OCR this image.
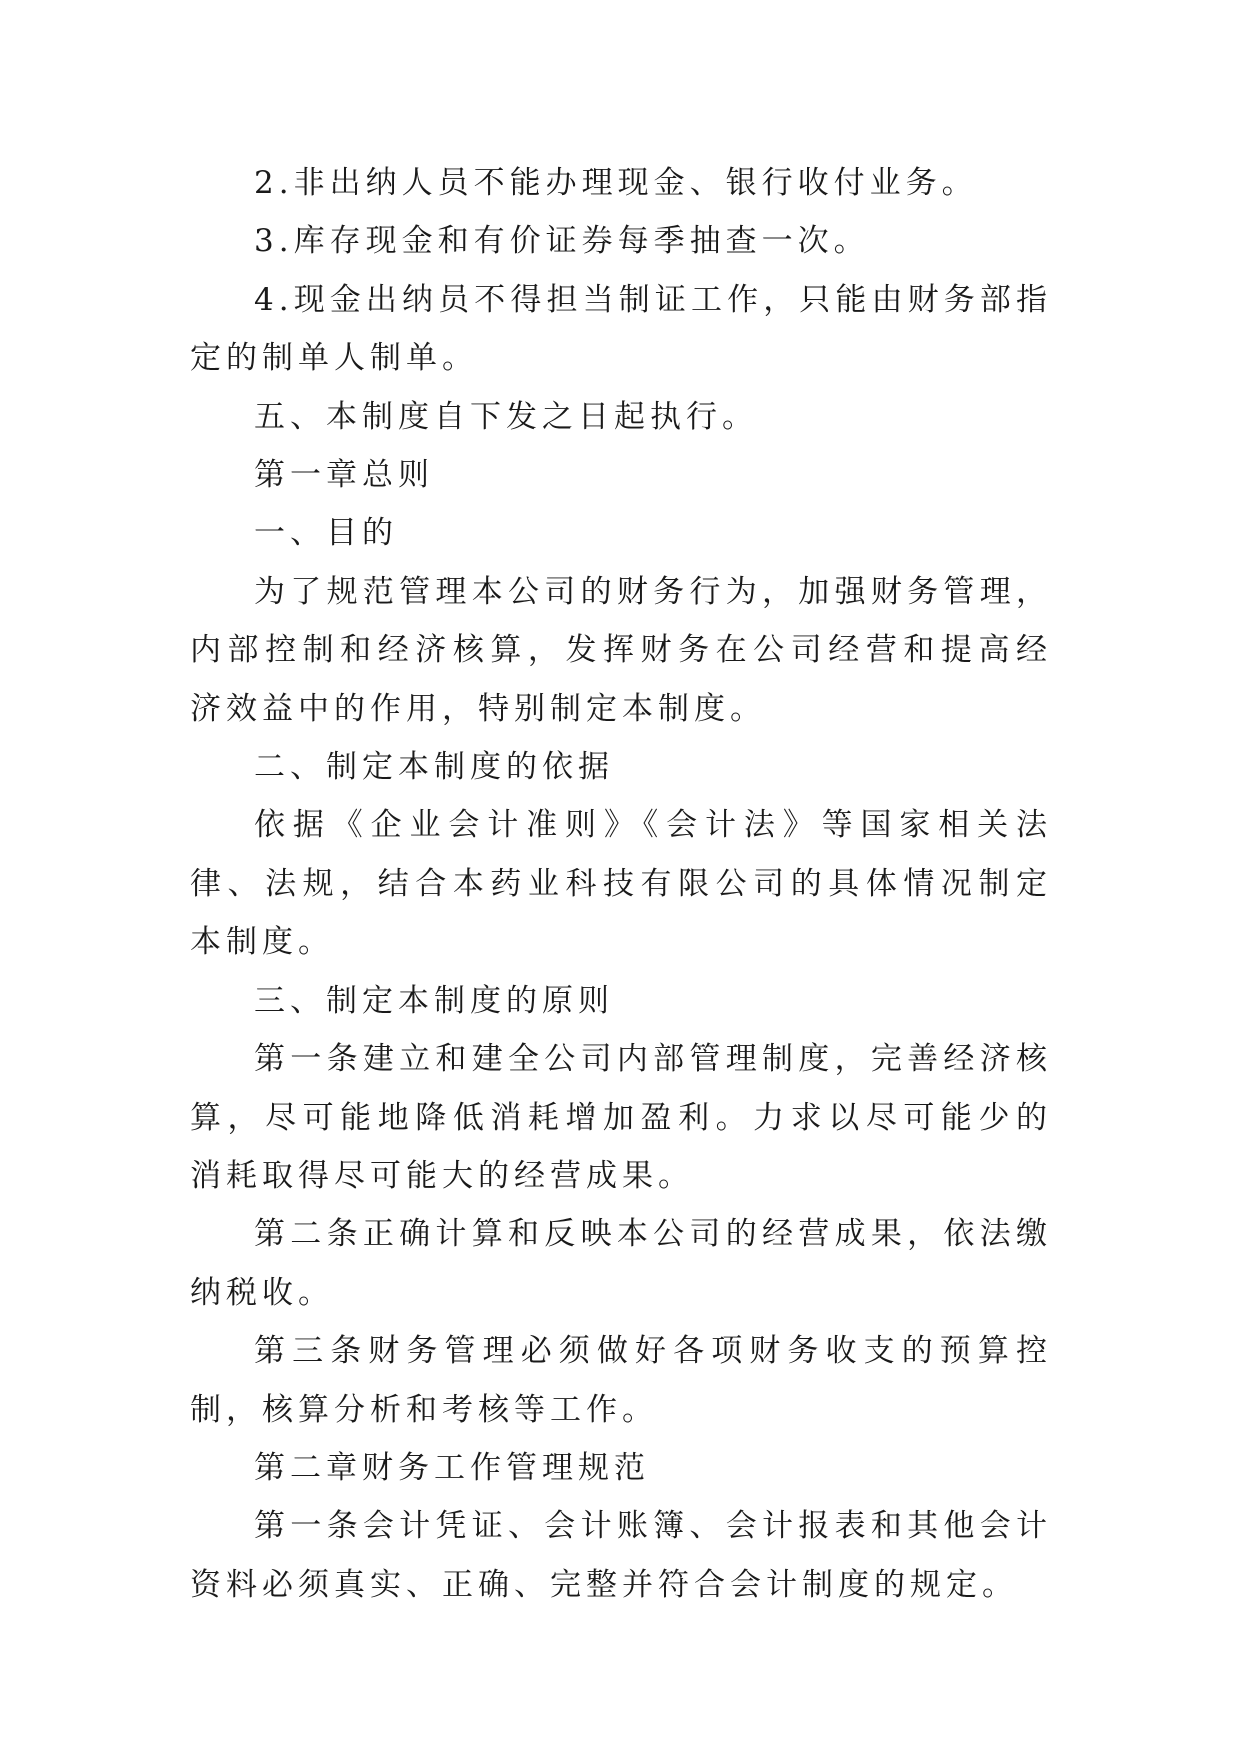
2.非出纳人员不能办理现金、银行收付业务。

3.库存现金和有价证券每季抽查一次。

4.现金出纳员不得担当制证工作，只能由财务部指定的制单人制单。

五、本制度自下发之日起执行。

第一章总则

一、目的

为了规范管理本公司的财务行为，加强财务管理，内部控制和经济核算，发挥财务在公司经营和提高经济效益中的作用，特别制定本制度。

二、制定本制度的依据

依据《企业会计准则》《会计法》等国家相关法律、法规，结合本药业科技有限公司的具体情况制定本制度。

三、制定本制度的原则

第一条建立和建全公司内部管理制度，完善经济核算，尽可能地降低消耗增加盈利。力求以尽可能少的消耗取得尽可能大的经营成果。

第二条正确计算和反映本公司的经营成果，依法缴纳税收。

第三条财务管理必须做好各项财务收支的预算控制，核算分析和考核等工作。

第二章财务工作管理规范

第一条会计凭证、会计账簿、会计报表和其他会计资料必须真实、正确、完整并符合会计制度的规定。
